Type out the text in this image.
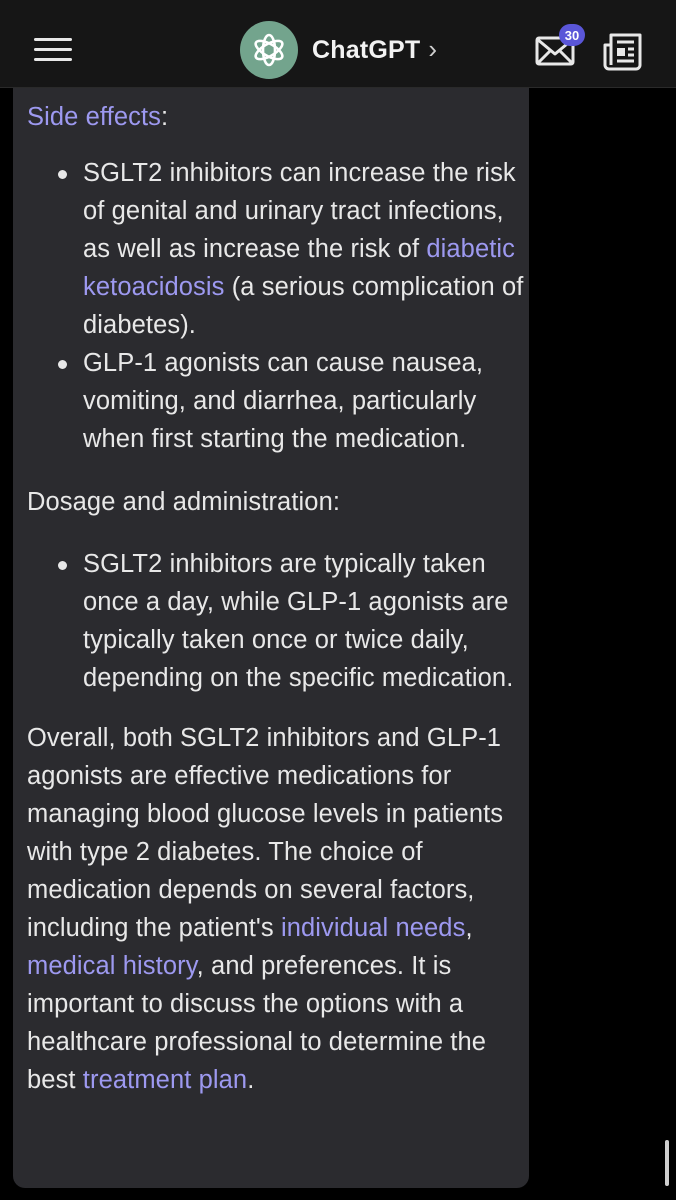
ChatGPT ›	30

Side effects:

SGLT2 inhibitors can increase the risk of genital and urinary tract infections, as well as increase the risk of diabetic ketoacidosis (a serious complication of diabetes).
GLP-1 agonists can cause nausea, vomiting, and diarrhea, particularly when first starting the medication.

Dosage and administration:

SGLT2 inhibitors are typically taken once a day, while GLP-1 agonists are typically taken once or twice daily, depending on the specific medication.

Overall, both SGLT2 inhibitors and GLP-1 agonists are effective medications for managing blood glucose levels in patients with type 2 diabetes. The choice of medication depends on several factors, including the patient's individual needs, medical history, and preferences. It is important to discuss the options with a healthcare professional to determine the best treatment plan.
